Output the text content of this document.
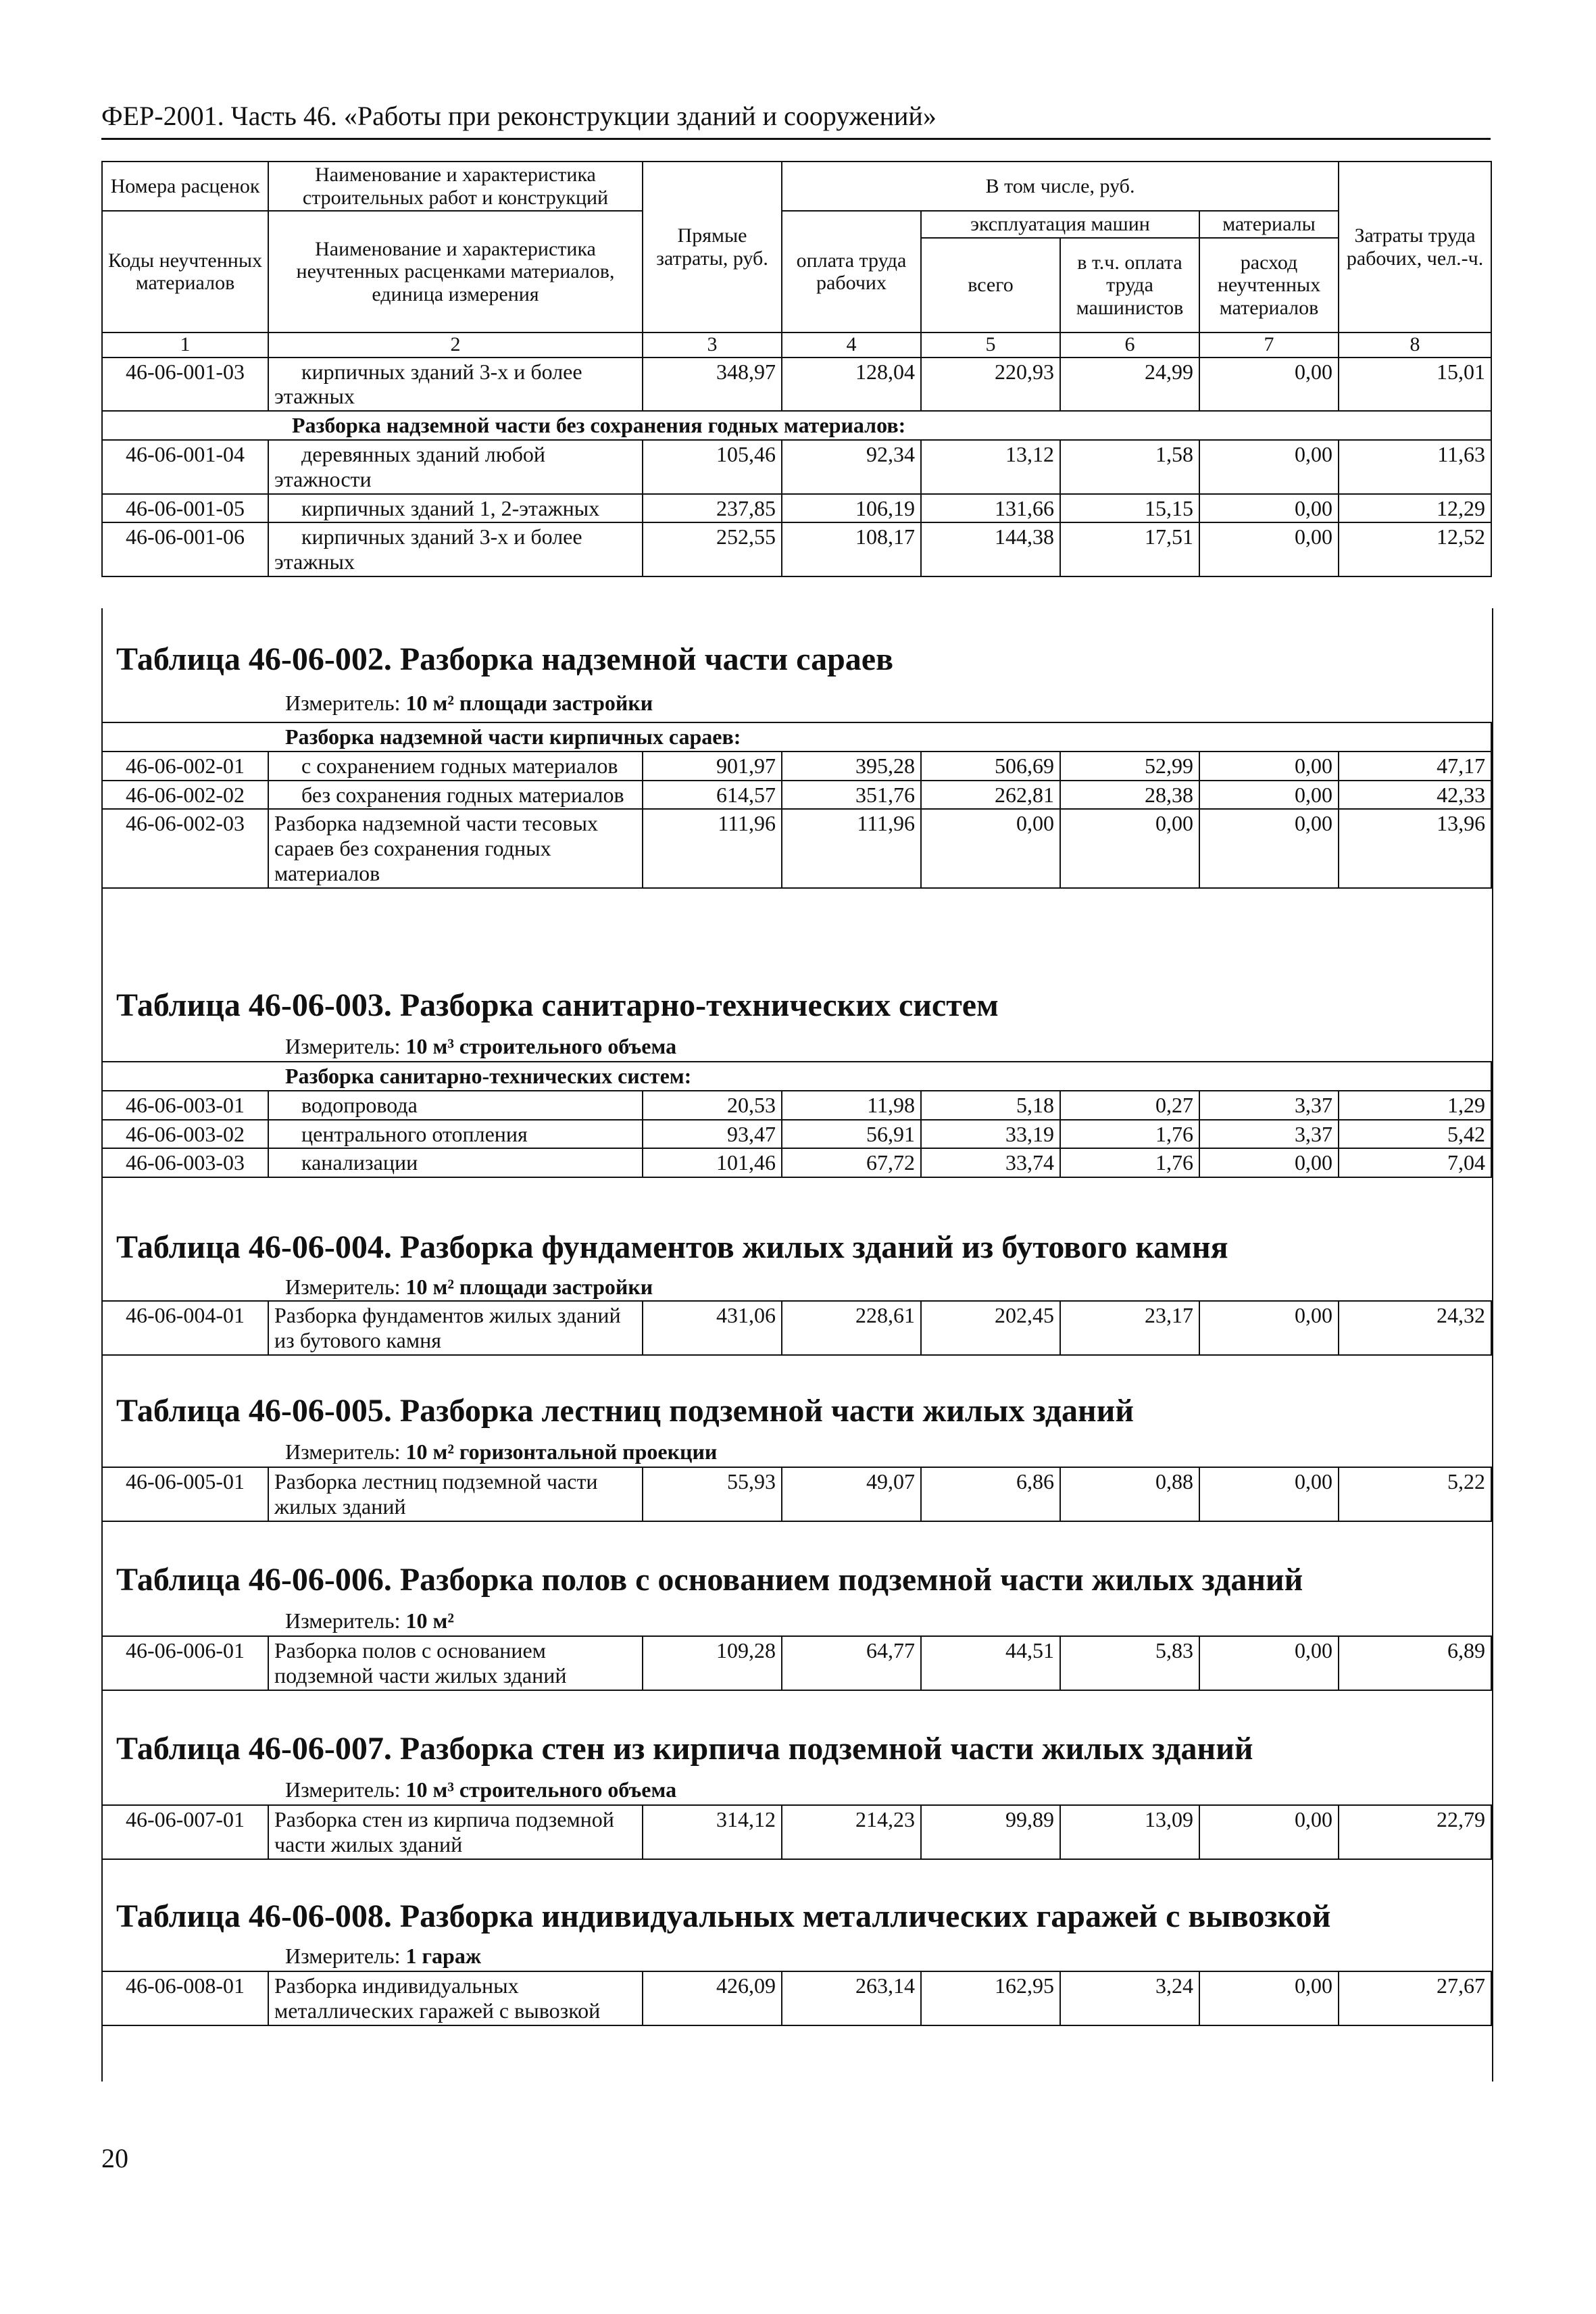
ФЕР-2001. Часть 46. «Работы при реконструкции зданий и сооружений»
Номера расценок	Наименование и характеристика строительных работ и конструкций	Прямые затраты, руб.	В том числе, руб.				Затраты труда рабочих, чел.-ч.
Коды неучтенных материалов	Наименование и характеристика неучтенных расценками материалов, единица измерения		оплата труда рабочих	эксплуатация машин		материалы	
				всего	в т.ч. оплата труда машинистов	расход неучтенных материалов	
1	2	3	4	5	6	7	8
46-06-001-03	кирпичных зданий 3-х и более этажных	348,97	128,04	220,93	24,99	0,00	15,01
Разборка надземной части без сохранения годных материалов:							
46-06-001-04	деревянных зданий любой этажности	105,46	92,34	13,12	1,58	0,00	11,63
46-06-001-05	кирпичных зданий 1, 2-этажных	237,85	106,19	131,66	15,15	0,00	12,29
46-06-001-06	кирпичных зданий 3-х и более этажных	252,55	108,17	144,38	17,51	0,00	12,52
Таблица 46-06-002. Разборка надземной части сараев
Измеритель: 10 м² площади застройки
Разборка надземной части кирпичных сараев:							
46-06-002-01	с сохранением годных материалов	901,97	395,28	506,69	52,99	0,00	47,17
46-06-002-02	без сохранения годных материалов	614,57	351,76	262,81	28,38	0,00	42,33
46-06-002-03	Разборка надземной части тесовых сараев без сохранения годных материалов	111,96	111,96	0,00	0,00	0,00	13,96
Таблица 46-06-003. Разборка санитарно-технических систем
Измеритель: 10 м³ строительного объема
Разборка санитарно-технических систем:							
46-06-003-01	водопровода	20,53	11,98	5,18	0,27	3,37	1,29
46-06-003-02	центрального отопления	93,47	56,91	33,19	1,76	3,37	5,42
46-06-003-03	канализации	101,46	67,72	33,74	1,76	0,00	7,04
Таблица 46-06-004. Разборка фундаментов жилых зданий из бутового камня
Измеритель: 10 м² площади застройки
46-06-004-01	Разборка фундаментов жилых зданий из бутового камня	431,06	228,61	202,45	23,17	0,00	24,32
Таблица 46-06-005. Разборка лестниц подземной части жилых зданий
Измеритель: 10 м² горизонтальной проекции
46-06-005-01	Разборка лестниц подземной части жилых зданий	55,93	49,07	6,86	0,88	0,00	5,22
Таблица 46-06-006. Разборка полов с основанием подземной части жилых зданий
Измеритель: 10 м²
46-06-006-01	Разборка полов с основанием подземной части жилых зданий	109,28	64,77	44,51	5,83	0,00	6,89
Таблица 46-06-007. Разборка стен из кирпича подземной части жилых зданий
Измеритель: 10 м³ строительного объема
46-06-007-01	Разборка стен из кирпича подземной части жилых зданий	314,12	214,23	99,89	13,09	0,00	22,79
Таблица 46-06-008. Разборка индивидуальных металлических гаражей с вывозкой
Измеритель: 1 гараж
46-06-008-01	Разборка индивидуальных металлических гаражей с вывозкой	426,09	263,14	162,95	3,24	0,00	27,67
20
